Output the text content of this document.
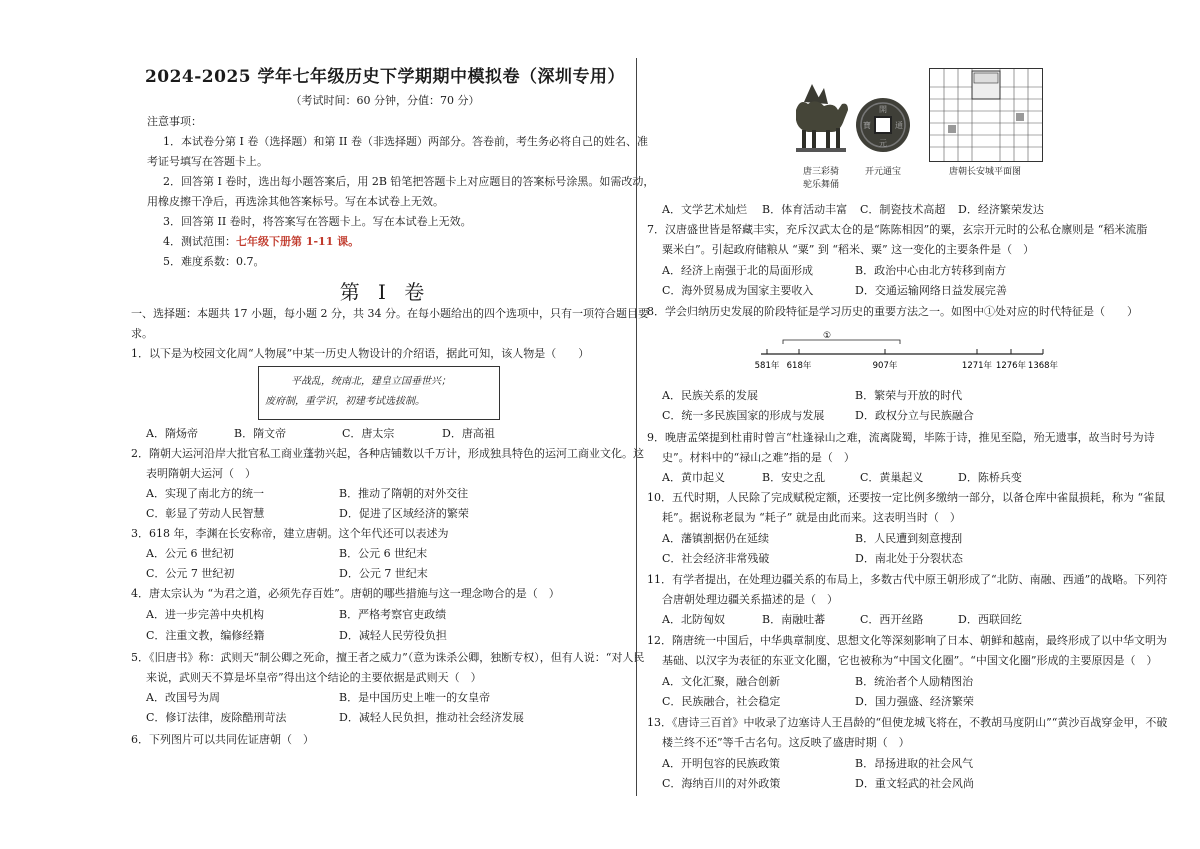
2024-2025 学年七年级历史下学期期中模拟卷（深圳专用）
（考试时间：60 分钟，分值：70 分）
注意事项：
1．本试卷分第 I 卷（选择题）和第 II 卷（非选择题）两部分。答卷前，考生务必将自己的姓名、准
考证号填写在答题卡上。
2．回答第 I 卷时，选出每小题答案后，用 2B 铅笔把答题卡上对应题目的答案标号涂黑。如需改动，
用橡皮擦干净后，再选涂其他答案标号。写在本试卷上无效。
3．回答第 II 卷时，将答案写在答题卡上。写在本试卷上无效。
4．测试范围：七年级下册第 1-11 课。
5．难度系数：0.7。
第 I 卷
一、选择题：本题共 17 小题，每小题 2 分，共 34 分。在每小题给出的四个选项中，只有一项符合题目要
求。
1．以下是为校园文化周“人物展”中某一历史人物设计的介绍语，据此可知，该人物是（　　）
平战乱，统南北，建皇立国垂世兴；
废府制，重学识，初建考试选拔制。
A．隋炀帝	B．隋文帝	C．唐太宗	D．唐高祖
2．隋朝大运河沿岸大批官私工商业蓬勃兴起，各种店铺数以千万计，形成独具特色的运河工商业文化。这
表明隋朝大运河（　）
A．实现了南北方的统一	B．推动了隋朝的对外交往
C．彰显了劳动人民智慧	D．促进了区域经济的繁荣
3．618 年，李渊在长安称帝，建立唐朝。这个年代还可以表述为
A．公元 6 世纪初	B．公元 6 世纪末
C．公元 7 世纪初	D．公元 7 世纪末
4．唐太宗认为 “为君之道，必须先存百姓”。唐朝的哪些措施与这一理念吻合的是（　）
A．进一步完善中央机构	B．严格考察官吏政绩
C．注重文教，编修经籍	D．减轻人民劳役负担
5．《旧唐书》称：武则天“制公卿之死命，擅王者之威力”（意为诛杀公卿，独断专权），但有人说：“对人民
来说，武则天不算是坏皇帝”得出这个结论的主要依据是武则天（　）
A．改国号为周	B．是中国历史上唯一的女皇帝
C．修订法律，废除酷刑苛法	D．减轻人民负担，推动社会经济发展
6．下列图片可以共同佐证唐朝（　）
開
元
寶	通
唐三彩骑
驼乐舞俑
开元通宝	唐朝长安城平面图
A．文学艺术灿烂 B．体育活动丰富 C．制瓷技术高超 D．经济繁荣发达
7．汉唐盛世皆是帑藏丰实，充斥汉武太仓的是“陈陈相因”的粟，玄宗开元时的公私仓廪则是 “稻米流脂
粟米白”。引起政府储粮从 “粟” 到 “稻米、粟” 这一变化的主要条件是（　）
A．经济上南强于北的局面形成	B．政治中心由北方转移到南方
C．海外贸易成为国家主要收入	D．交通运输网络日益发展完善
8．学会归纳历史发展的阶段特征是学习历史的重要方法之一。如图中①处对应的时代特征是（　　）
581年 618年	907年	1271年 1276年 1368年
①
A．民族关系的发展	B．繁荣与开放的时代
C．统一多民族国家的形成与发展	D．政权分立与民族融合
9．晚唐孟棨提到杜甫时曾言“杜逢禄山之难，流离陇蜀，毕陈于诗，推见至隐，殆无遗事，故当时号为诗
史”。材料中的“禄山之难”指的是（　）
A．黄巾起义	B．安史之乱	C．黄巢起义	D．陈桥兵变
10．五代时期，人民除了完成赋税定额，还要按一定比例多缴纳一部分，以备仓库中雀鼠损耗，称为 “雀鼠
耗”。据说称老鼠为 “耗子” 就是由此而来。这表明当时（　）
A．藩镇割据仍在延续	B．人民遭到刻意搜刮
C．社会经济非常残破	D．南北处于分裂状态
11．有学者提出，在处理边疆关系的布局上，多数古代中原王朝形成了“北防、南融、西通”的战略。下列符
合唐朝处理边疆关系描述的是（　）
A．北防匈奴	B．南融吐蕃	C．西开丝路	D．西联回纥
12．隋唐统一中国后，中华典章制度、思想文化等深刻影响了日本、朝鲜和越南，最终形成了以中华文明为
基础、以汉字为表征的东亚文化圈，它也被称为“中国文化圈”。“中国文化圈”形成的主要原因是（　）
A．文化汇聚，融合创新	B．统治者个人励精图治
C．民族融合，社会稳定	D．国力强盛、经济繁荣
13．《唐诗三百首》中收录了边塞诗人王昌龄的“但使龙城飞将在，不教胡马度阴山”“黄沙百战穿金甲，不破
楼兰终不还”等千古名句。这反映了盛唐时期（　）
A．开明包容的民族政策	B．昂扬进取的社会风气
C．海纳百川的对外政策	D．重文轻武的社会风尚
